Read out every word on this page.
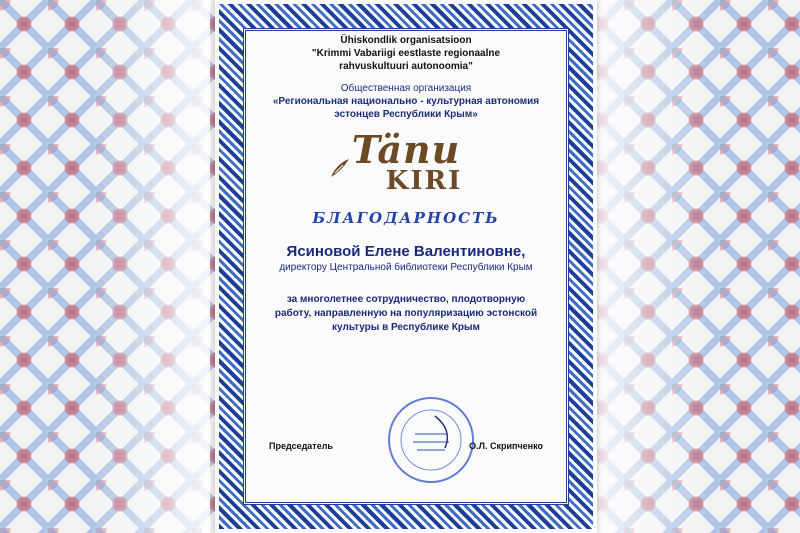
Ühiskondlik organisatsioon
"Krimmi Vabariigi eestlaste regionaalne
rahvuskultuuri autonoomia"
Общественная организация
«Региональная национально - культурная автономия
эстонцев Республики Крым»
Tänu
KIRI
БЛАГОДАРНОСТЬ
Ясиновой Елене Валентиновне,
директору Центральной библиотеки Республики Крым
за многолетнее сотрудничество, плодотворную
работу, направленную на популяризацию эстонской
культуры в Республике Крым
Председатель	О.Л. Скрипченко
